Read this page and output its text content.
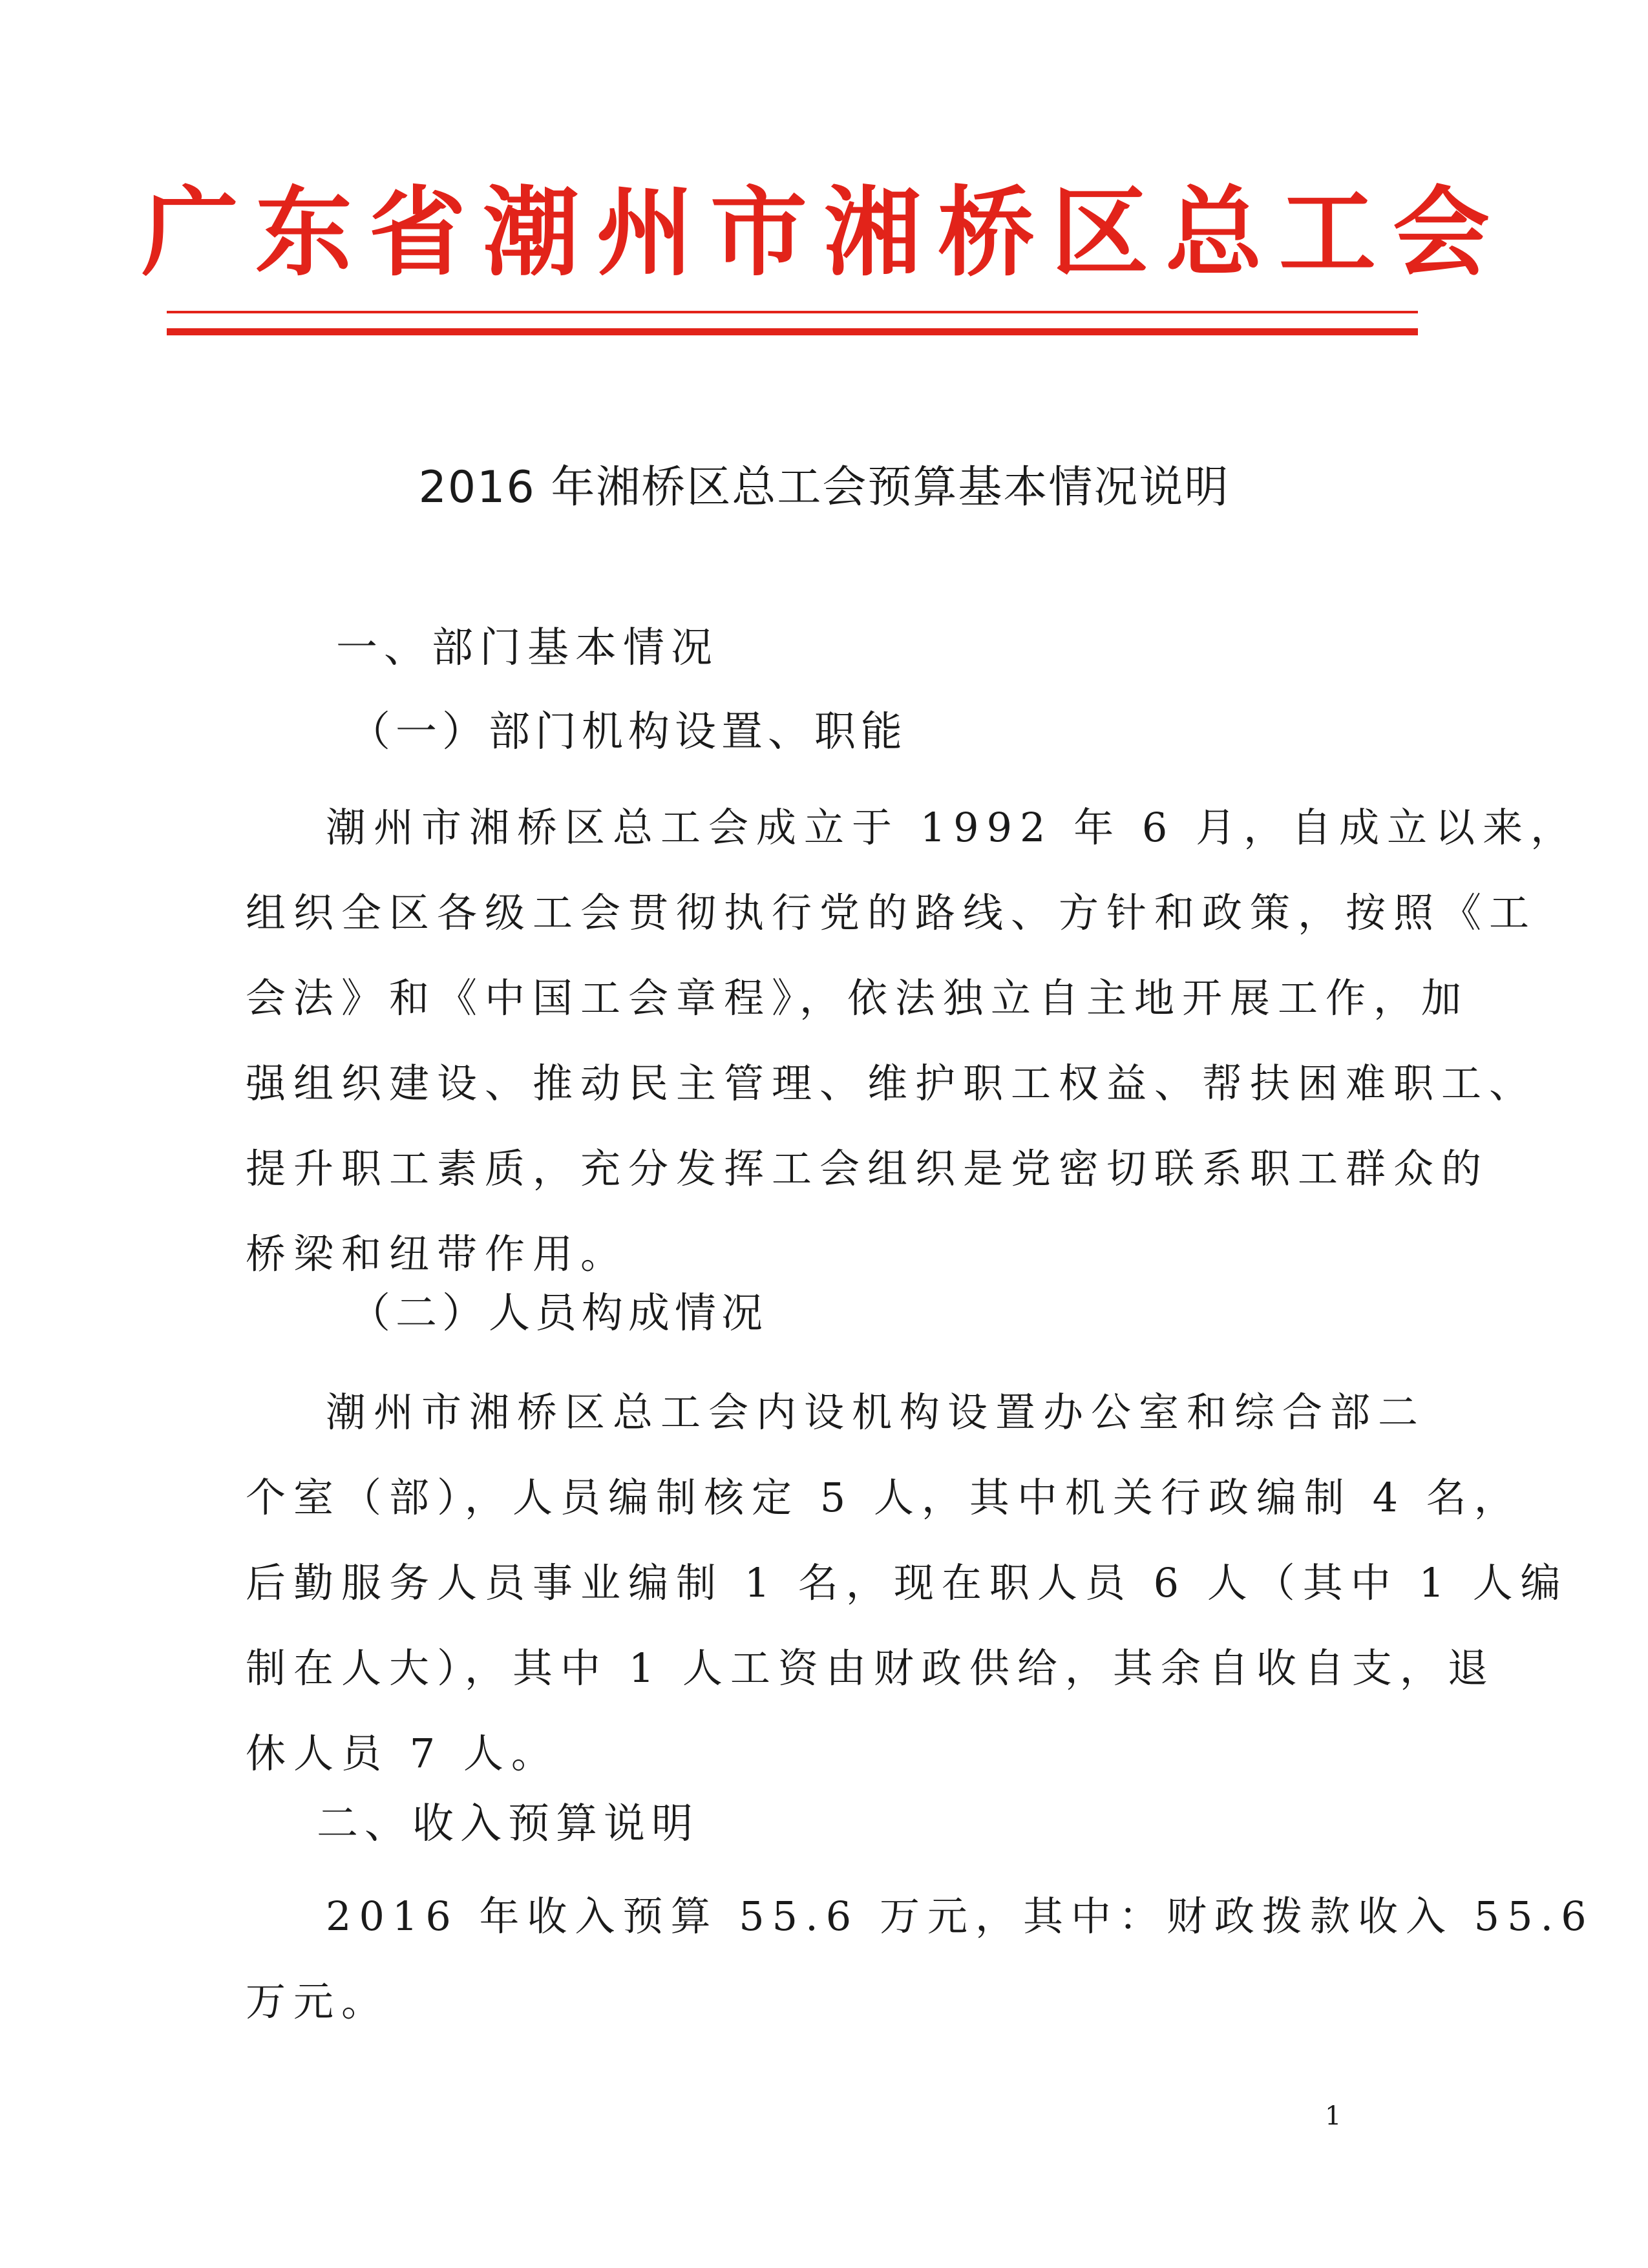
广东省潮州市湘桥区总工会
2016 年湘桥区总工会预算基本情况说明
一、部门基本情况
（一）部门机构设置、职能
潮州市湘桥区总工会成立于 1992 年 6 月，自成立以来，
组织全区各级工会贯彻执行党的路线、方针和政策，按照《工
会法》和《中国工会章程》，依法独立自主地开展工作，加
强组织建设、推动民主管理、维护职工权益、帮扶困难职工、
提升职工素质，充分发挥工会组织是党密切联系职工群众的
桥梁和纽带作用。
（二）人员构成情况
潮州市湘桥区总工会内设机构设置办公室和综合部二
个室（部），人员编制核定 5 人，其中机关行政编制 4 名，
后勤服务人员事业编制 1 名，现在职人员 6 人（其中 1 人编
制在人大），其中 1 人工资由财政供给，其余自收自支，退
休人员 7 人。
二、收入预算说明
2016 年收入预算 55.6 万元，其中：财政拨款收入 55.6
万元。
1
